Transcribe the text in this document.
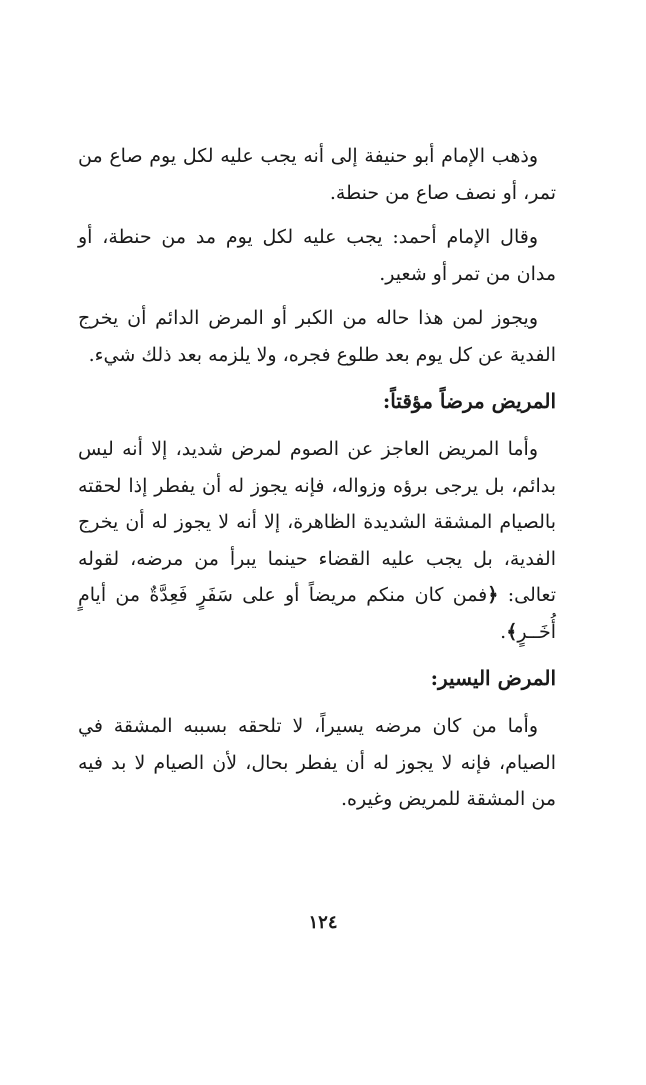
وذهب الإمام أبو حنيفة إلى أنه يجب عليه لكل يوم صاع من تمر، أو نصف صاع من حنطة.

وقال الإمام أحمد: يجب عليه لكل يوم مد من حنطة، أو مدان من تمر أو شعير.

ويجوز لمن هذا حاله من الكبر أو المرض الدائم أن يخرج الفدية عن كل يوم بعد طلوع فجره، ولا يلزمه بعد ذلك شيء.

المريض مرضاً مؤقتاً:

وأما المريض العاجز عن الصوم لمرض شديد، إلا أنه ليس بدائم، بل يرجى برؤه وزواله، فإنه يجوز له أن يفطر إذا لحقته بالصيام المشقة الشديدة الظاهرة، إلا أنه لا يجوز له أن يخرج الفدية، بل يجب عليه القضاء حينما يبرأ من مرضه، لقوله تعالى: ﴿فمن كان منكم مريضاً أو على سَفَرٍ فَعِدَّةٌ من أيامٍ أُخَــرٍ﴾.

المرض اليسير:

وأما من كان مرضه يسيراً، لا تلحقه بسببه المشقة في الصيام، فإنه لا يجوز له أن يفطر بحال، لأن الصيام لا بد فيه من المشقة للمريض وغيره.

١٢٤
